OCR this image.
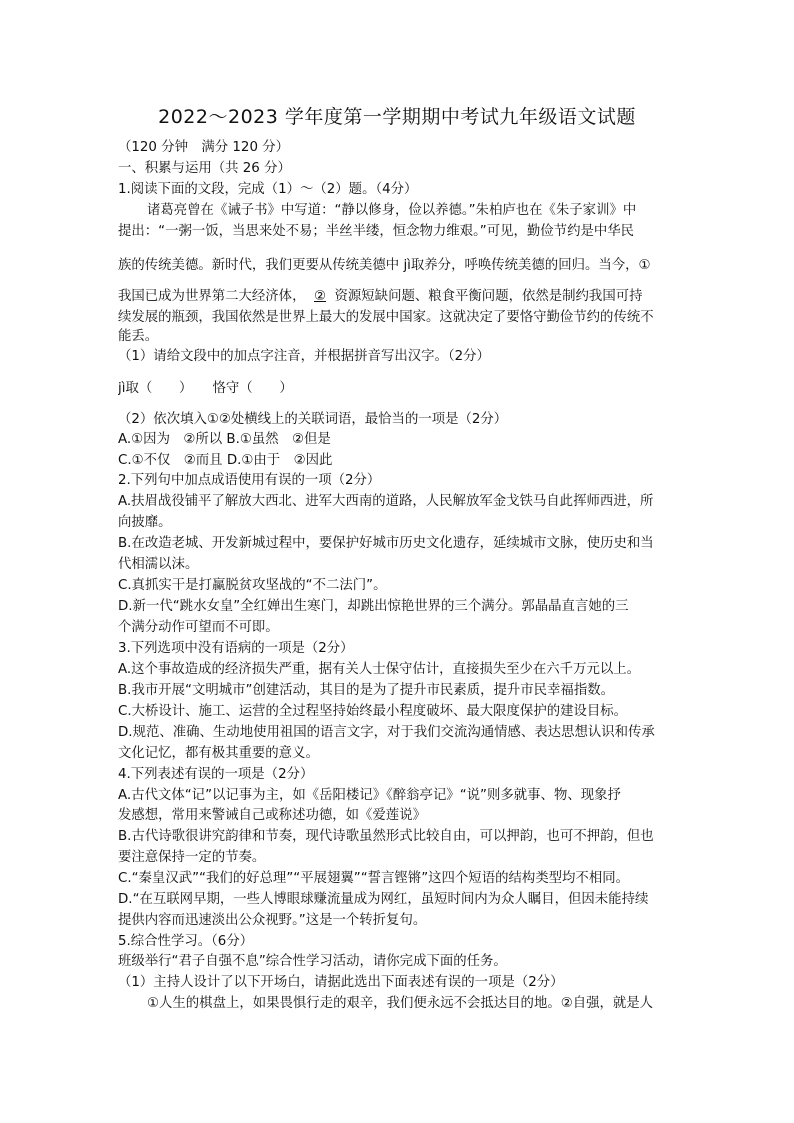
2022～2023 学年度第一学期期中考试九年级语文试题
（120 分钟　满分 120 分）
一、积累与运用（共 26 分）
1.阅读下面的文段，完成（1）～（2）题。（4分）
诸葛亮曾在《诫子书》中写道：“静以修身，俭以养德。”朱柏庐也在《朱子家训》中
提出：“一粥一饭，当思来处不易；半丝半缕，恒念物力维艰。”可见，勤俭节约是中华民
族的传统美德。新时代，我们更要从传统美德中 jì取养分，呼唤传统美德的回归。当今，①
我国已成为世界第二大经济体， ② 资源短缺问题、粮食平衡问题，依然是制约我国可持
续发展的瓶颈，我国依然是世界上最大的发展中国家。这就决定了要恪守勤俭节约的传统不
能丢。
（1）请给文段中的加点字注音，并根据拼音写出汉字。（2分）
jì取（　　）　　恪守（　　）
（2）依次填入①②处横线上的关联词语，最恰当的一项是（2分）
A.①因为　②所以 B.①虽然　②但是
C.①不仅　②而且 D.①由于　②因此
2.下列句中加点成语使用有误的一项（2分）
A.扶眉战役铺平了解放大西北、进军大西南的道路，人民解放军金戈铁马自此挥师西进，所
向披靡。
B.在改造老城、开发新城过程中，要保护好城市历史文化遗存，延续城市文脉，使历史和当
代相濡以沫。
C.真抓实干是打赢脱贫攻坚战的“不二法门”。
D.新一代“跳水女皇”全红婵出生寒门，却跳出惊艳世界的三个满分。郭晶晶直言她的三
个满分动作可望而不可即。
3.下列选项中没有语病的一项是（2分）
A.这个事故造成的经济损失严重，据有关人士保守估计，直接损失至少在六千万元以上。
B.我市开展“文明城市”创建活动，其目的是为了提升市民素质，提升市民幸福指数。
C.大桥设计、施工、运营的全过程坚持始终最小程度破坏、最大限度保护的建设目标。
D.规范、准确、生动地使用祖国的语言文字，对于我们交流沟通情感、表达思想认识和传承
文化记忆，都有极其重要的意义。
4.下列表述有误的一项是（2分）
A.古代文体“记”以记事为主，如《岳阳楼记》《醉翁亭记》“说”则多就事、物、现象抒
发感想，常用来警诫自己或称述功德，如《爱莲说》
B.古代诗歌很讲究韵律和节奏，现代诗歌虽然形式比较自由，可以押韵，也可不押韵，但也
要注意保持一定的节奏。
C.“秦皇汉武”“我们的好总理”“平展翅翼”“誓言铿锵”这四个短语的结构类型均不相同。
D.“在互联网早期，一些人博眼球赚流量成为网红，虽短时间内为众人瞩目，但因未能持续
提供内容而迅速淡出公众视野。”这是一个转折复句。
5.综合性学习。（6分）
班级举行“君子自强不息”综合性学习活动，请你完成下面的任务。
（1）主持人设计了以下开场白，请据此选出下面表述有误的一项是（2分）
①人生的棋盘上，如果畏惧行走的艰辛，我们便永远不会抵达目的地。②自强，就是人
